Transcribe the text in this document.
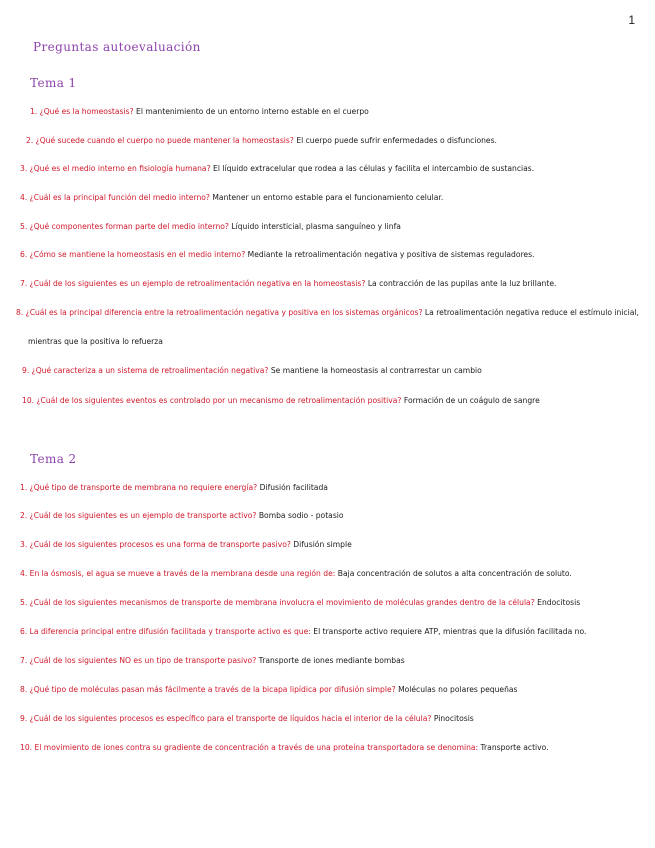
1
Preguntas autoevaluación
Tema 1
1. ¿Qué es la homeostasis? El mantenimiento de un entorno interno estable en el cuerpo
2. ¿Qué sucede cuando el cuerpo no puede mantener la homeostasis? El cuerpo puede sufrir enfermedades o disfunciones.
3. ¿Qué es el medio interno en fisiología humana? El líquido extracelular que rodea a las células y facilita el intercambio de sustancias.
4. ¿Cuál es la principal función del medio interno? Mantener un entorno estable para el funcionamiento celular.
5. ¿Qué componentes forman parte del medio interno? Líquido intersticial, plasma sanguíneo y linfa
6. ¿Cómo se mantiene la homeostasis en el medio interno? Mediante la retroalimentación negativa y positiva de sistemas reguladores.
7. ¿Cuál de los siguientes es un ejemplo de retroalimentación negativa en la homeostasis? La contracción de las pupilas ante la luz brillante.
8. ¿Cuál es la principal diferencia entre la retroalimentación negativa y positiva en los sistemas orgánicos? La retroalimentación negativa reduce el estímulo inicial,
mientras que la positiva lo refuerza
9. ¿Qué caracteriza a un sistema de retroalimentación negativa? Se mantiene la homeostasis al contrarrestar un cambio
10. ¿Cuál de los siguientes eventos es controlado por un mecanismo de retroalimentación positiva? Formación de un coágulo de sangre
Tema 2
1. ¿Qué tipo de transporte de membrana no requiere energía? Difusión facilitada
2. ¿Cuál de los siguientes es un ejemplo de transporte activo? Bomba sodio - potasio
3. ¿Cuál de los siguientes procesos es una forma de transporte pasivo? Difusión simple
4. En la ósmosis, el agua se mueve a través de la membrana desde una región de: Baja concentración de solutos a alta concentración de soluto.
5. ¿Cuál de los siguientes mecanismos de transporte de membrana involucra el movimiento de moléculas grandes dentro de la célula? Endocitosis
6. La diferencia principal entre difusión facilitada y transporte activo es que: El transporte activo requiere ATP, mientras que la difusión facilitada no.
7. ¿Cuál de los siguientes NO es un tipo de transporte pasivo? Transporte de iones mediante bombas
8. ¿Qué tipo de moléculas pasan más fácilmente a través de la bicapa lipídica por difusión simple? Moléculas no polares pequeñas
9. ¿Cuál de los siguientes procesos es específico para el transporte de líquidos hacia el interior de la célula? Pinocitosis
10. El movimiento de iones contra su gradiente de concentración a través de una proteína transportadora se denomina: Transporte activo.
